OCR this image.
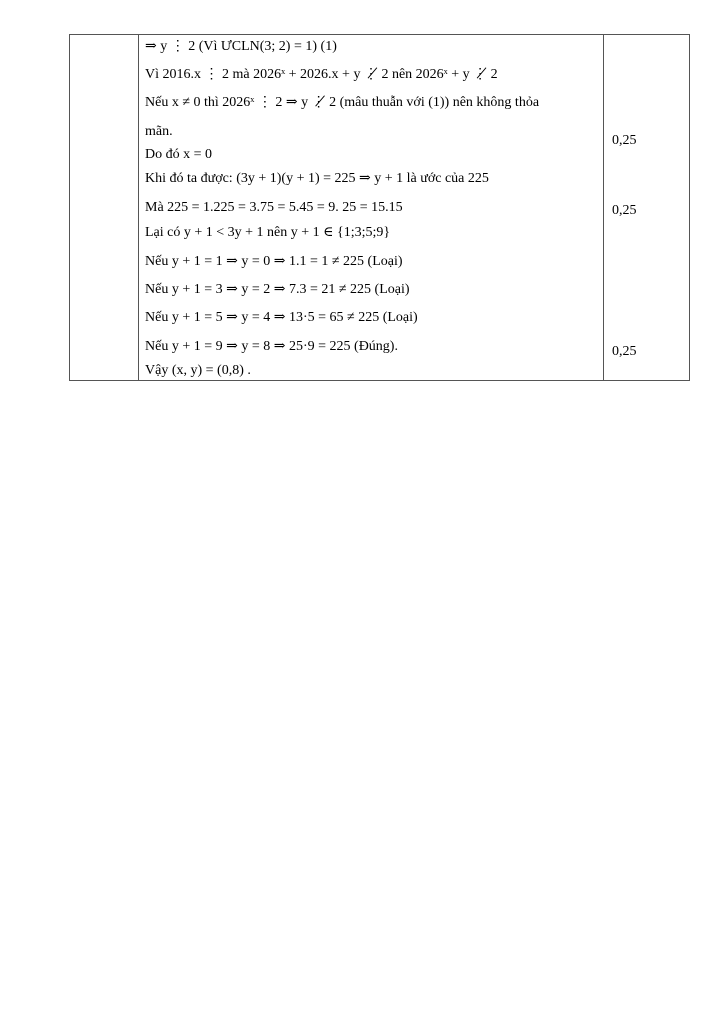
⇒ y ⋮ 2 (Vì ƯCLN(3; 2) = 1) (1)
Vì 2016.x ⋮ 2 mà 2026ˣ + 2026.x + y ⋮̸ 2 nên 2026ˣ + y ⋮̸ 2
Nếu x ≠ 0 thì 2026ˣ ⋮ 2 ⇒ y ⋮̸ 2 (mâu thuẫn với (1)) nên không thỏa
mãn.
Do đó x = 0
Khi đó ta được: (3y + 1)(y + 1) = 225 ⇒ y + 1 là ước của 225
Mà 225 = 1.225 = 3.75 = 5.45 = 9. 25 = 15.15
Lại có y + 1 < 3y + 1 nên y + 1 ∈ {1;3;5;9}
Nếu y + 1 = 1 ⇒ y = 0 ⇒ 1.1 = 1 ≠ 225 (Loại)
Nếu y + 1 = 3 ⇒ y = 2 ⇒ 7.3 = 21 ≠ 225 (Loại)
Nếu y + 1 = 5 ⇒ y = 4 ⇒ 13·5 = 65 ≠ 225 (Loại)
Nếu y + 1 = 9 ⇒ y = 8 ⇒ 25·9 = 225 (Đúng).
Vậy (x, y) = (0,8) .
0,25
0,25
0,25
